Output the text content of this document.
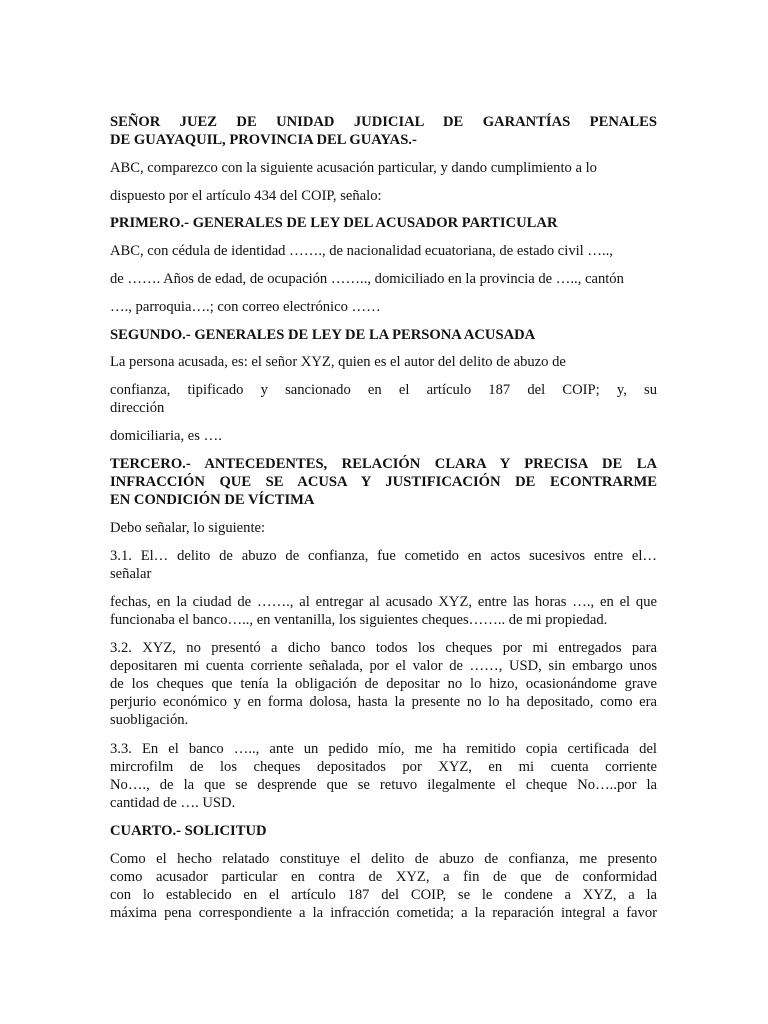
SEÑOR JUEZ DE UNIDAD JUDICIAL DE GARANTÍAS PENALES

DE GUAYAQUIL, PROVINCIA DEL GUAYAS.-

ABC, comparezco con la siguiente acusación particular, y dando cumplimiento a lo

dispuesto por el artículo 434 del COIP, señalo:

PRIMERO.- GENERALES DE LEY DEL ACUSADOR PARTICULAR

ABC, con cédula de identidad ……., de nacionalidad ecuatoriana, de estado civil …..,

de ……. Años de edad, de ocupación …….., domiciliado en la provincia de ….., cantón

…., parroquia….; con correo electrónico ……

SEGUNDO.- GENERALES DE LEY DE LA PERSONA ACUSADA

La persona acusada, es: el señor XYZ, quien es el autor del delito de abuzo de

confianza, tipificado y sancionado en el artículo 187 del COIP; y, su

dirección

domiciliaria, es ….

TERCERO.- ANTECEDENTES, RELACIÓN CLARA Y PRECISA DE LA

INFRACCIÓN QUE SE ACUSA Y JUSTIFICACIÓN DE ECONTRARME

EN CONDICIÓN DE VÍCTIMA

Debo señalar, lo siguiente:

3.1. El… delito de abuzo de confianza, fue cometido en actos sucesivos entre el…

señalar

fechas, en la ciudad de ……., al entregar al acusado XYZ, entre las horas …., en el que

funcionaba el banco….., en ventanilla, los siguientes cheques…….. de mi propiedad.

3.2. XYZ, no presentó a dicho banco todos los cheques por mi entregados para

depositaren mi cuenta corriente señalada, por el valor de ……, USD, sin embargo unos

de los cheques que tenía la obligación de depositar no lo hizo, ocasionándome grave

perjurio económico y en forma dolosa, hasta la presente no lo ha depositado, como era

suobligación.

3.3. En el banco ….., ante un pedido mío, me ha remitido copia certificada del

mircrofilm de los cheques depositados por XYZ, en mi cuenta corriente

No…., de la que se desprende que se retuvo ilegalmente el cheque No…..por la

cantidad de …. USD.

CUARTO.- SOLICITUD

Como el hecho relatado constituye el delito de abuzo de confianza, me presento

como acusador particular en contra de XYZ, a fin de que de conformidad

con lo establecido en el artículo 187 del COIP, se le condene a XYZ, a la

máxima pena correspondiente a la infracción cometida; a la reparación integral a favor
